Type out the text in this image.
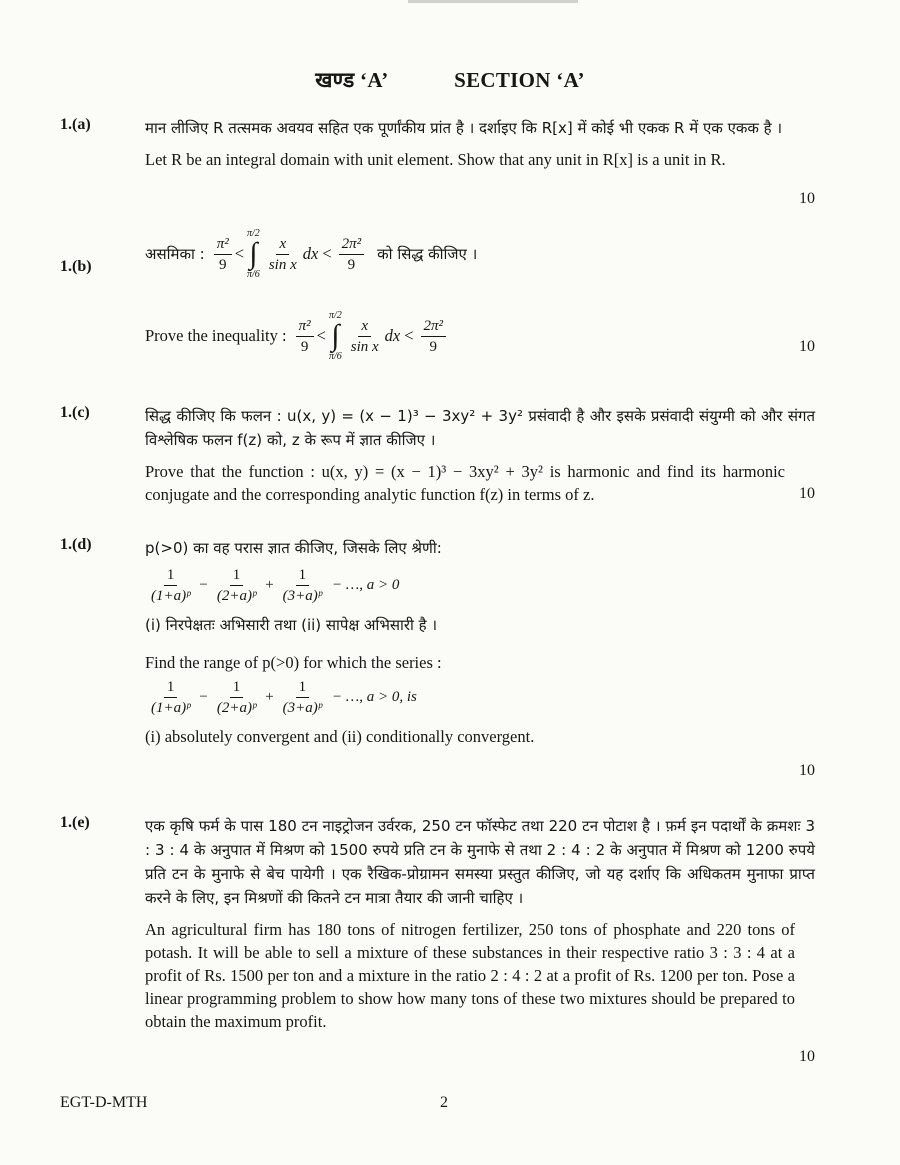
खण्ड ‘A’	SECTION ‘A’
1.(a)	मान लीजिए R तत्समक अवयव सहित एक पूर्णांकीय प्रांत है । दर्शाइए कि R[x] में कोई भी एकक R में एक एकक है ।

Let R be an integral domain with unit element. Show that any unit in R[x] is a unit in R.

10
1.(b)
असमिका : $\frac{\text{π²}}{9}$ <
π/2
∫
π/6
$\frac{x}{\text{sin x}}$ dx < $\frac{\text{2π²}}{9}$ को सिद्ध कीजिए ।
Prove the inequality : $\frac{\text{π²}}{9}$ <
π/2
∫
π/6
$\frac{x}{\text{sin x}}$ dx < $\frac{\text{2π²}}{9}$	10
1.(c)	सिद्ध कीजिए कि फलन : u(x, y) = (x − 1)³ − 3xy² + 3y² प्रसंवादी है और इसके प्रसंवादी संयुग्मी को और संगत विश्लेषिक फलन f(z) को, z के रूप में ज्ञात कीजिए ।

Prove that the function : u(x, y) = (x − 1)³ − 3xy² + 3y² is harmonic and find its harmonic conjugate and the corresponding analytic function f(z) in terms of z.	10
1.(d)	p(>0) का वह परास ज्ञात कीजिए, जिसके लिए श्रेणी:

$\frac{1}{\text{(1+a)ᵖ}} - \frac{1}{\text{(2+a)ᵖ}} + \frac{1}{\text{(3+a)ᵖ}}$ − …, a > 0

(i) निरपेक्षतः अभिसारी तथा (ii) सापेक्ष अभिसारी है ।

Find the range of p(>0) for which the series :

$\frac{1}{\text{(1+a)ᵖ}} - \frac{1}{\text{(2+a)ᵖ}} + \frac{1}{\text{(3+a)ᵖ}}$ − …, a > 0, is

(i) absolutely convergent and (ii) conditionally convergent.

10
1.(e)	एक कृषि फर्म के पास 180 टन नाइट्रोजन उर्वरक, 250 टन फॉस्फेट तथा 220 टन पोटाश है । फ़र्म इन पदार्थों के क्रमशः 3 : 3 : 4 के अनुपात में मिश्रण को 1500 रुपये प्रति टन के मुनाफे से तथा 2 : 4 : 2 के अनुपात में मिश्रण को 1200 रुपये प्रति टन के मुनाफे से बेच पायेगी । एक रैखिक-प्रोग्रामन समस्या प्रस्तुत कीजिए, जो यह दर्शाए कि अधिकतम मुनाफा प्राप्त करने के लिए, इन मिश्रणों की कितने टन मात्रा तैयार की जानी चाहिए ।

An agricultural firm has 180 tons of nitrogen fertilizer, 250 tons of phosphate and 220 tons of potash. It will be able to sell a mixture of these substances in their respective ratio 3 : 3 : 4 at a profit of Rs. 1500 per ton and a mixture in the ratio 2 : 4 : 2 at a profit of Rs. 1200 per ton. Pose a linear programming problem to show how many tons of these two mixtures should be prepared to obtain the maximum profit.

10
EGT-D-MTH	2
